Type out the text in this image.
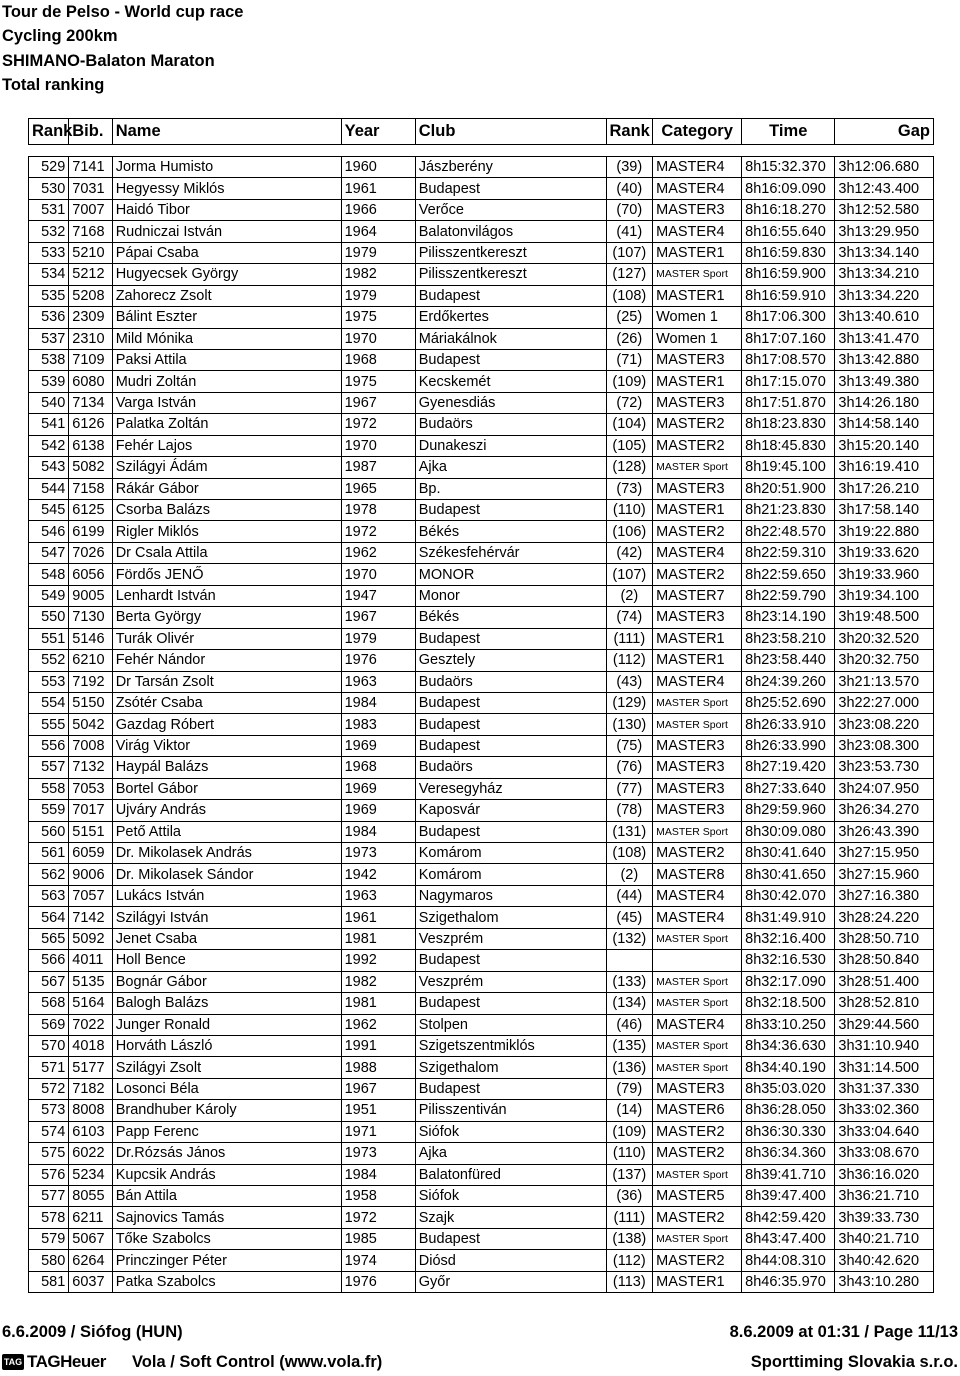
Tour de Pelso - World cup race
Cycling 200km
SHIMANO-Balaton Maraton
Total ranking
Rank	Bib.	Name	Year	Club	Rank	Category	Time	Gap
529	7141	Jorma Humisto	1960	Jászberény	(39)	MASTER4	8h15:32.370	3h12:06.680
530	7031	Hegyessy Miklós	1961	Budapest	(40)	MASTER4	8h16:09.090	3h12:43.400
531	7007	Haidó Tibor	1966	Verőce	(70)	MASTER3	8h16:18.270	3h12:52.580
532	7168	Rudniczai István	1964	Balatonvilágos	(41)	MASTER4	8h16:55.640	3h13:29.950
533	5210	Pápai Csaba	1979	Pilisszentkereszt	(107)	MASTER1	8h16:59.830	3h13:34.140
534	5212	Hugyecsek György	1982	Pilisszentkereszt	(127)	MASTER Sport	8h16:59.900	3h13:34.210
535	5208	Zahorecz Zsolt	1979	Budapest	(108)	MASTER1	8h16:59.910	3h13:34.220
536	2309	Bálint Eszter	1975	Erdőkertes	(25)	Women 1	8h17:06.300	3h13:40.610
537	2310	Mild Mónika	1970	Máriakálnok	(26)	Women 1	8h17:07.160	3h13:41.470
538	7109	Paksi Attila	1968	Budapest	(71)	MASTER3	8h17:08.570	3h13:42.880
539	6080	Mudri Zoltán	1975	Kecskemét	(109)	MASTER1	8h17:15.070	3h13:49.380
540	7134	Varga István	1967	Gyenesdiás	(72)	MASTER3	8h17:51.870	3h14:26.180
541	6126	Palatka Zoltán	1972	Budaörs	(104)	MASTER2	8h18:23.830	3h14:58.140
542	6138	Fehér Lajos	1970	Dunakeszi	(105)	MASTER2	8h18:45.830	3h15:20.140
543	5082	Szilágyi Ádám	1987	Ajka	(128)	MASTER Sport	8h19:45.100	3h16:19.410
544	7158	Rákár Gábor	1965	Bp.	(73)	MASTER3	8h20:51.900	3h17:26.210
545	6125	Csorba Balázs	1978	Budapest	(110)	MASTER1	8h21:23.830	3h17:58.140
546	6199	Rigler Miklós	1972	Békés	(106)	MASTER2	8h22:48.570	3h19:22.880
547	7026	Dr Csala Attila	1962	Székesfehérvár	(42)	MASTER4	8h22:59.310	3h19:33.620
548	6056	Fördős JENŐ	1970	MONOR	(107)	MASTER2	8h22:59.650	3h19:33.960
549	9005	Lenhardt István	1947	Monor	(2)	MASTER7	8h22:59.790	3h19:34.100
550	7130	Berta György	1967	Békés	(74)	MASTER3	8h23:14.190	3h19:48.500
551	5146	Turák Olivér	1979	Budapest	(111)	MASTER1	8h23:58.210	3h20:32.520
552	6210	Fehér Nándor	1976	Gesztely	(112)	MASTER1	8h23:58.440	3h20:32.750
553	7192	Dr Tarsán Zsolt	1963	Budaörs	(43)	MASTER4	8h24:39.260	3h21:13.570
554	5150	Zsótér Csaba	1984	Budapest	(129)	MASTER Sport	8h25:52.690	3h22:27.000
555	5042	Gazdag Róbert	1983	Budapest	(130)	MASTER Sport	8h26:33.910	3h23:08.220
556	7008	Virág Viktor	1969	Budapest	(75)	MASTER3	8h26:33.990	3h23:08.300
557	7132	Haypál Balázs	1968	Budaörs	(76)	MASTER3	8h27:19.420	3h23:53.730
558	7053	Bortel Gábor	1969	Veresegyház	(77)	MASTER3	8h27:33.640	3h24:07.950
559	7017	Ujváry András	1969	Kaposvár	(78)	MASTER3	8h29:59.960	3h26:34.270
560	5151	Pető Attila	1984	Budapest	(131)	MASTER Sport	8h30:09.080	3h26:43.390
561	6059	Dr. Mikolasek András	1973	Komárom	(108)	MASTER2	8h30:41.640	3h27:15.950
562	9006	Dr. Mikolasek Sándor	1942	Komárom	(2)	MASTER8	8h30:41.650	3h27:15.960
563	7057	Lukács István	1963	Nagymaros	(44)	MASTER4	8h30:42.070	3h27:16.380
564	7142	Szilágyi István	1961	Szigethalom	(45)	MASTER4	8h31:49.910	3h28:24.220
565	5092	Jenet Csaba	1981	Veszprém	(132)	MASTER Sport	8h32:16.400	3h28:50.710
566	4011	Holl Bence	1992	Budapest			8h32:16.530	3h28:50.840
567	5135	Bognár Gábor	1982	Veszprém	(133)	MASTER Sport	8h32:17.090	3h28:51.400
568	5164	Balogh Balázs	1981	Budapest	(134)	MASTER Sport	8h32:18.500	3h28:52.810
569	7022	Junger Ronald	1962	Stolpen	(46)	MASTER4	8h33:10.250	3h29:44.560
570	4018	Horváth László	1991	Szigetszentmiklós	(135)	MASTER Sport	8h34:36.630	3h31:10.940
571	5177	Szilágyi Zsolt	1988	Szigethalom	(136)	MASTER Sport	8h34:40.190	3h31:14.500
572	7182	Losonci Béla	1967	Budapest	(79)	MASTER3	8h35:03.020	3h31:37.330
573	8008	Brandhuber Károly	1951	Pilisszentiván	(14)	MASTER6	8h36:28.050	3h33:02.360
574	6103	Papp Ferenc	1971	Siófok	(109)	MASTER2	8h36:30.330	3h33:04.640
575	6022	Dr.Rózsás János	1973	Ajka	(110)	MASTER2	8h36:34.360	3h33:08.670
576	5234	Kupcsik András	1984	Balatonfüred	(137)	MASTER Sport	8h39:41.710	3h36:16.020
577	8055	Bán Attila	1958	Siófok	(36)	MASTER5	8h39:47.400	3h36:21.710
578	6211	Sajnovics Tamás	1972	Szajk	(111)	MASTER2	8h42:59.420	3h39:33.730
579	5067	Tőke Szabolcs	1985	Budapest	(138)	MASTER Sport	8h43:47.400	3h40:21.710
580	6264	Princzinger Péter	1974	Diósd	(112)	MASTER2	8h44:08.310	3h40:42.620
581	6037	Patka Szabolcs	1976	Győr	(113)	MASTER1	8h46:35.970	3h43:10.280
6.6.2009 / Siófog (HUN)	8.6.2009 at 01:31 / Page 11/13
TAG TAGHeuer Vola / Soft Control (www.vola.fr)	Sporttiming Slovakia s.r.o.
